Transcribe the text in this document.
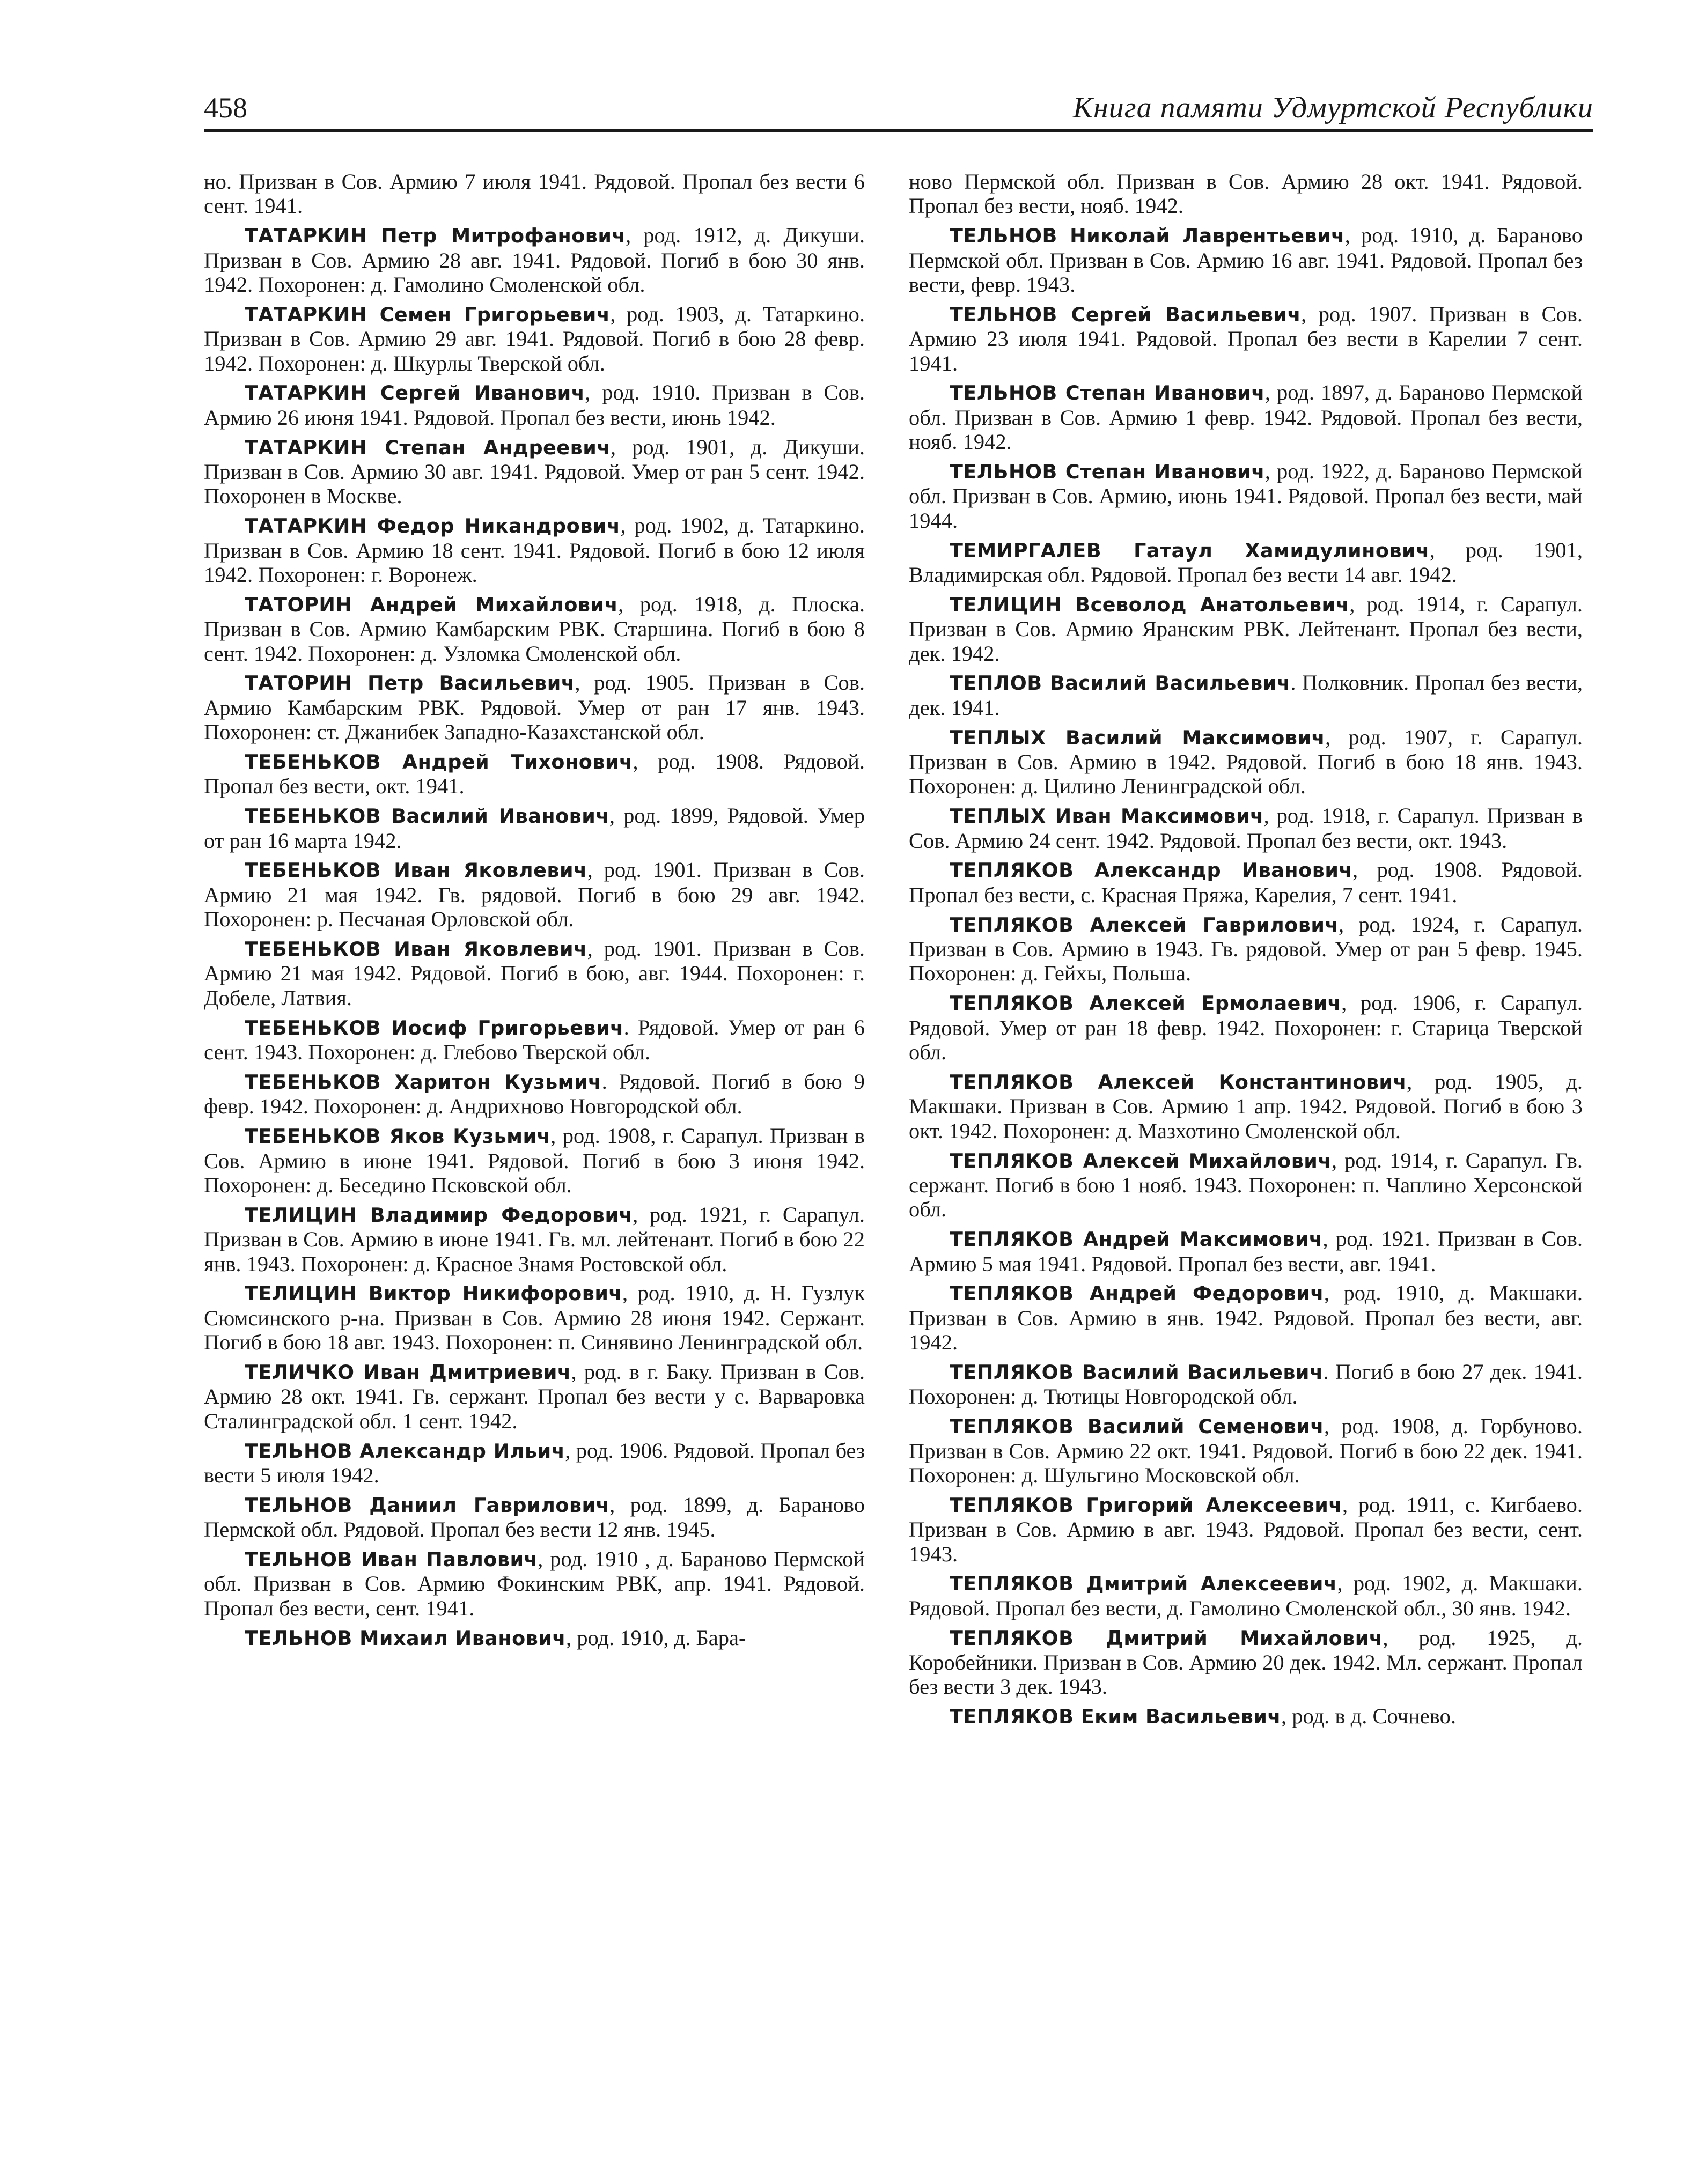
458	Книга памяти Удмуртской Республики

но. Призван в Сов. Армию 7 июля 1941. Рядовой. Пропал без вести 6 сент. 1941.

ТАТАРКИН Петр Митрофанович, род. 1912, д. Дикуши. Призван в Сов. Армию 28 авг. 1941. Рядовой. Погиб в бою 30 янв. 1942. Похоронен: д. Гамолино Смоленской обл.

ТАТАРКИН Семен Григорьевич, род. 1903, д. Татаркино. Призван в Сов. Армию 29 авг. 1941. Рядовой. Погиб в бою 28 февр. 1942. Похоронен: д. Шкурлы Тверской обл.

ТАТАРКИН Сергей Иванович, род. 1910. Призван в Сов. Армию 26 июня 1941. Рядовой. Пропал без вести, июнь 1942.

ТАТАРКИН Степан Андреевич, род. 1901, д. Дикуши. Призван в Сов. Армию 30 авг. 1941. Рядовой. Умер от ран 5 сент. 1942. Похоронен в Москве.

ТАТАРКИН Федор Никандрович, род. 1902, д. Татаркино. Призван в Сов. Армию 18 сент. 1941. Рядовой. Погиб в бою 12 июля 1942. Похоронен: г. Воронеж.

ТАТОРИН Андрей Михайлович, род. 1918, д. Плоска. Призван в Сов. Армию Камбарским РВК. Старшина. Погиб в бою 8 сент. 1942. Похоронен: д. Узломка Смоленской обл.

ТАТОРИН Петр Васильевич, род. 1905. Призван в Сов. Армию Камбарским РВК. Рядовой. Умер от ран 17 янв. 1943. Похоронен: ст. Джанибек Западно-Казахстанской обл.

ТЕБЕНЬКОВ Андрей Тихонович, род. 1908. Рядовой. Пропал без вести, окт. 1941.

ТЕБЕНЬКОВ Василий Иванович, род. 1899, Рядовой. Умер от ран 16 марта 1942.

ТЕБЕНЬКОВ Иван Яковлевич, род. 1901. Призван в Сов. Армию 21 мая 1942. Гв. рядовой. Погиб в бою 29 авг. 1942. Похоронен: р. Песчаная Орловской обл.

ТЕБЕНЬКОВ Иван Яковлевич, род. 1901. Призван в Сов. Армию 21 мая 1942. Рядовой. Погиб в бою, авг. 1944. Похоронен: г. Добеле, Латвия.

ТЕБЕНЬКОВ Иосиф Григорьевич. Рядовой. Умер от ран 6 сент. 1943. Похоронен: д. Глебово Тверской обл.

ТЕБЕНЬКОВ Харитон Кузьмич. Рядовой. Погиб в бою 9 февр. 1942. Похоронен: д. Андрихново Новгородской обл.

ТЕБЕНЬКОВ Яков Кузьмич, род. 1908, г. Сарапул. Призван в Сов. Армию в июне 1941. Рядовой. Погиб в бою 3 июня 1942. Похоронен: д. Беседино Псковской обл.

ТЕЛИЦИН Владимир Федорович, род. 1921, г. Сарапул. Призван в Сов. Армию в июне 1941. Гв. мл. лейтенант. Погиб в бою 22 янв. 1943. Похоронен: д. Красное Знамя Ростовской обл.

ТЕЛИЦИН Виктор Никифорович, род. 1910, д. Н. Гузлук Сюмсинского р-на. Призван в Сов. Армию 28 июня 1942. Сержант. Погиб в бою 18 авг. 1943. Похоронен: п. Синявино Ленинградской обл.

ТЕЛИЧКО Иван Дмитриевич, род. в г. Баку. Призван в Сов. Армию 28 окт. 1941. Гв. сержант. Пропал без вести у с. Варваровка Сталинградской обл. 1 сент. 1942.

ТЕЛЬНОВ Александр Ильич, род. 1906. Рядовой. Пропал без вести 5 июля 1942.

ТЕЛЬНОВ Даниил Гаврилович, род. 1899, д. Бараново Пермской обл. Рядовой. Пропал без вести 12 янв. 1945.

ТЕЛЬНОВ Иван Павлович, род. 1910 , д. Бараново Пермской обл. Призван в Сов. Армию Фокинским РВК, апр. 1941. Рядовой. Пропал без вести, сент. 1941.

ТЕЛЬНОВ Михаил Иванович, род. 1910, д. Бара-

ново Пермской обл. Призван в Сов. Армию 28 окт. 1941. Рядовой. Пропал без вести, нояб. 1942.

ТЕЛЬНОВ Николай Лаврентьевич, род. 1910, д. Бараново Пермской обл. Призван в Сов. Армию 16 авг. 1941. Рядовой. Пропал без вести, февр. 1943.

ТЕЛЬНОВ Сергей Васильевич, род. 1907. Призван в Сов. Армию 23 июля 1941. Рядовой. Пропал без вести в Карелии 7 сент. 1941.

ТЕЛЬНОВ Степан Иванович, род. 1897, д. Бараново Пермской обл. Призван в Сов. Армию 1 февр. 1942. Рядовой. Пропал без вести, нояб. 1942.

ТЕЛЬНОВ Степан Иванович, род. 1922, д. Бараново Пермской обл. Призван в Сов. Армию, июнь 1941. Рядовой. Пропал без вести, май 1944.

ТЕМИРГАЛЕВ Гатаул Хамидулинович, род. 1901, Владимирская обл. Рядовой. Пропал без вести 14 авг. 1942.

ТЕЛИЦИН Всеволод Анатольевич, род. 1914, г. Сарапул. Призван в Сов. Армию Яранским РВК. Лейтенант. Пропал без вести, дек. 1942.

ТЕПЛОВ Василий Васильевич. Полковник. Пропал без вести, дек. 1941.

ТЕПЛЫХ Василий Максимович, род. 1907, г. Сарапул. Призван в Сов. Армию в 1942. Рядовой. Погиб в бою 18 янв. 1943. Похоронен: д. Цилино Ленинградской обл.

ТЕПЛЫХ Иван Максимович, род. 1918, г. Сарапул. Призван в Сов. Армию 24 сент. 1942. Рядовой. Пропал без вести, окт. 1943.

ТЕПЛЯКОВ Александр Иванович, род. 1908. Рядовой. Пропал без вести, с. Красная Пряжа, Карелия, 7 сент. 1941.

ТЕПЛЯКОВ Алексей Гаврилович, род. 1924, г. Сарапул. Призван в Сов. Армию в 1943. Гв. рядовой. Умер от ран 5 февр. 1945. Похоронен: д. Гейхы, Польша.

ТЕПЛЯКОВ Алексей Ермолаевич, род. 1906, г. Сарапул. Рядовой. Умер от ран 18 февр. 1942. Похоронен: г. Старица Тверской обл.

ТЕПЛЯКОВ Алексей Константинович, род. 1905, д. Макшаки. Призван в Сов. Армию 1 апр. 1942. Рядовой. Погиб в бою 3 окт. 1942. Похоронен: д. Мазхотино Смоленской обл.

ТЕПЛЯКОВ Алексей Михайлович, род. 1914, г. Сарапул. Гв. сержант. Погиб в бою 1 нояб. 1943. Похоронен: п. Чаплино Херсонской обл.

ТЕПЛЯКОВ Андрей Максимович, род. 1921. Призван в Сов. Армию 5 мая 1941. Рядовой. Пропал без вести, авг. 1941.

ТЕПЛЯКОВ Андрей Федорович, род. 1910, д. Макшаки. Призван в Сов. Армию в янв. 1942. Рядовой. Пропал без вести, авг. 1942.

ТЕПЛЯКОВ Василий Васильевич. Погиб в бою 27 дек. 1941. Похоронен: д. Тютицы Новгородской обл.

ТЕПЛЯКОВ Василий Семенович, род. 1908, д. Горбуново. Призван в Сов. Армию 22 окт. 1941. Рядовой. Погиб в бою 22 дек. 1941. Похоронен: д. Шульгино Московской обл.

ТЕПЛЯКОВ Григорий Алексеевич, род. 1911, с. Кигбаево. Призван в Сов. Армию в авг. 1943. Рядовой. Пропал без вести, сент. 1943.

ТЕПЛЯКОВ Дмитрий Алексеевич, род. 1902, д. Макшаки. Рядовой. Пропал без вести, д. Гамолино Смоленской обл., 30 янв. 1942.

ТЕПЛЯКОВ Дмитрий Михайлович, род. 1925, д. Коробейники. Призван в Сов. Армию 20 дек. 1942. Мл. сержант. Пропал без вести 3 дек. 1943.

ТЕПЛЯКОВ Еким Васильевич, род. в д. Сочнево.
